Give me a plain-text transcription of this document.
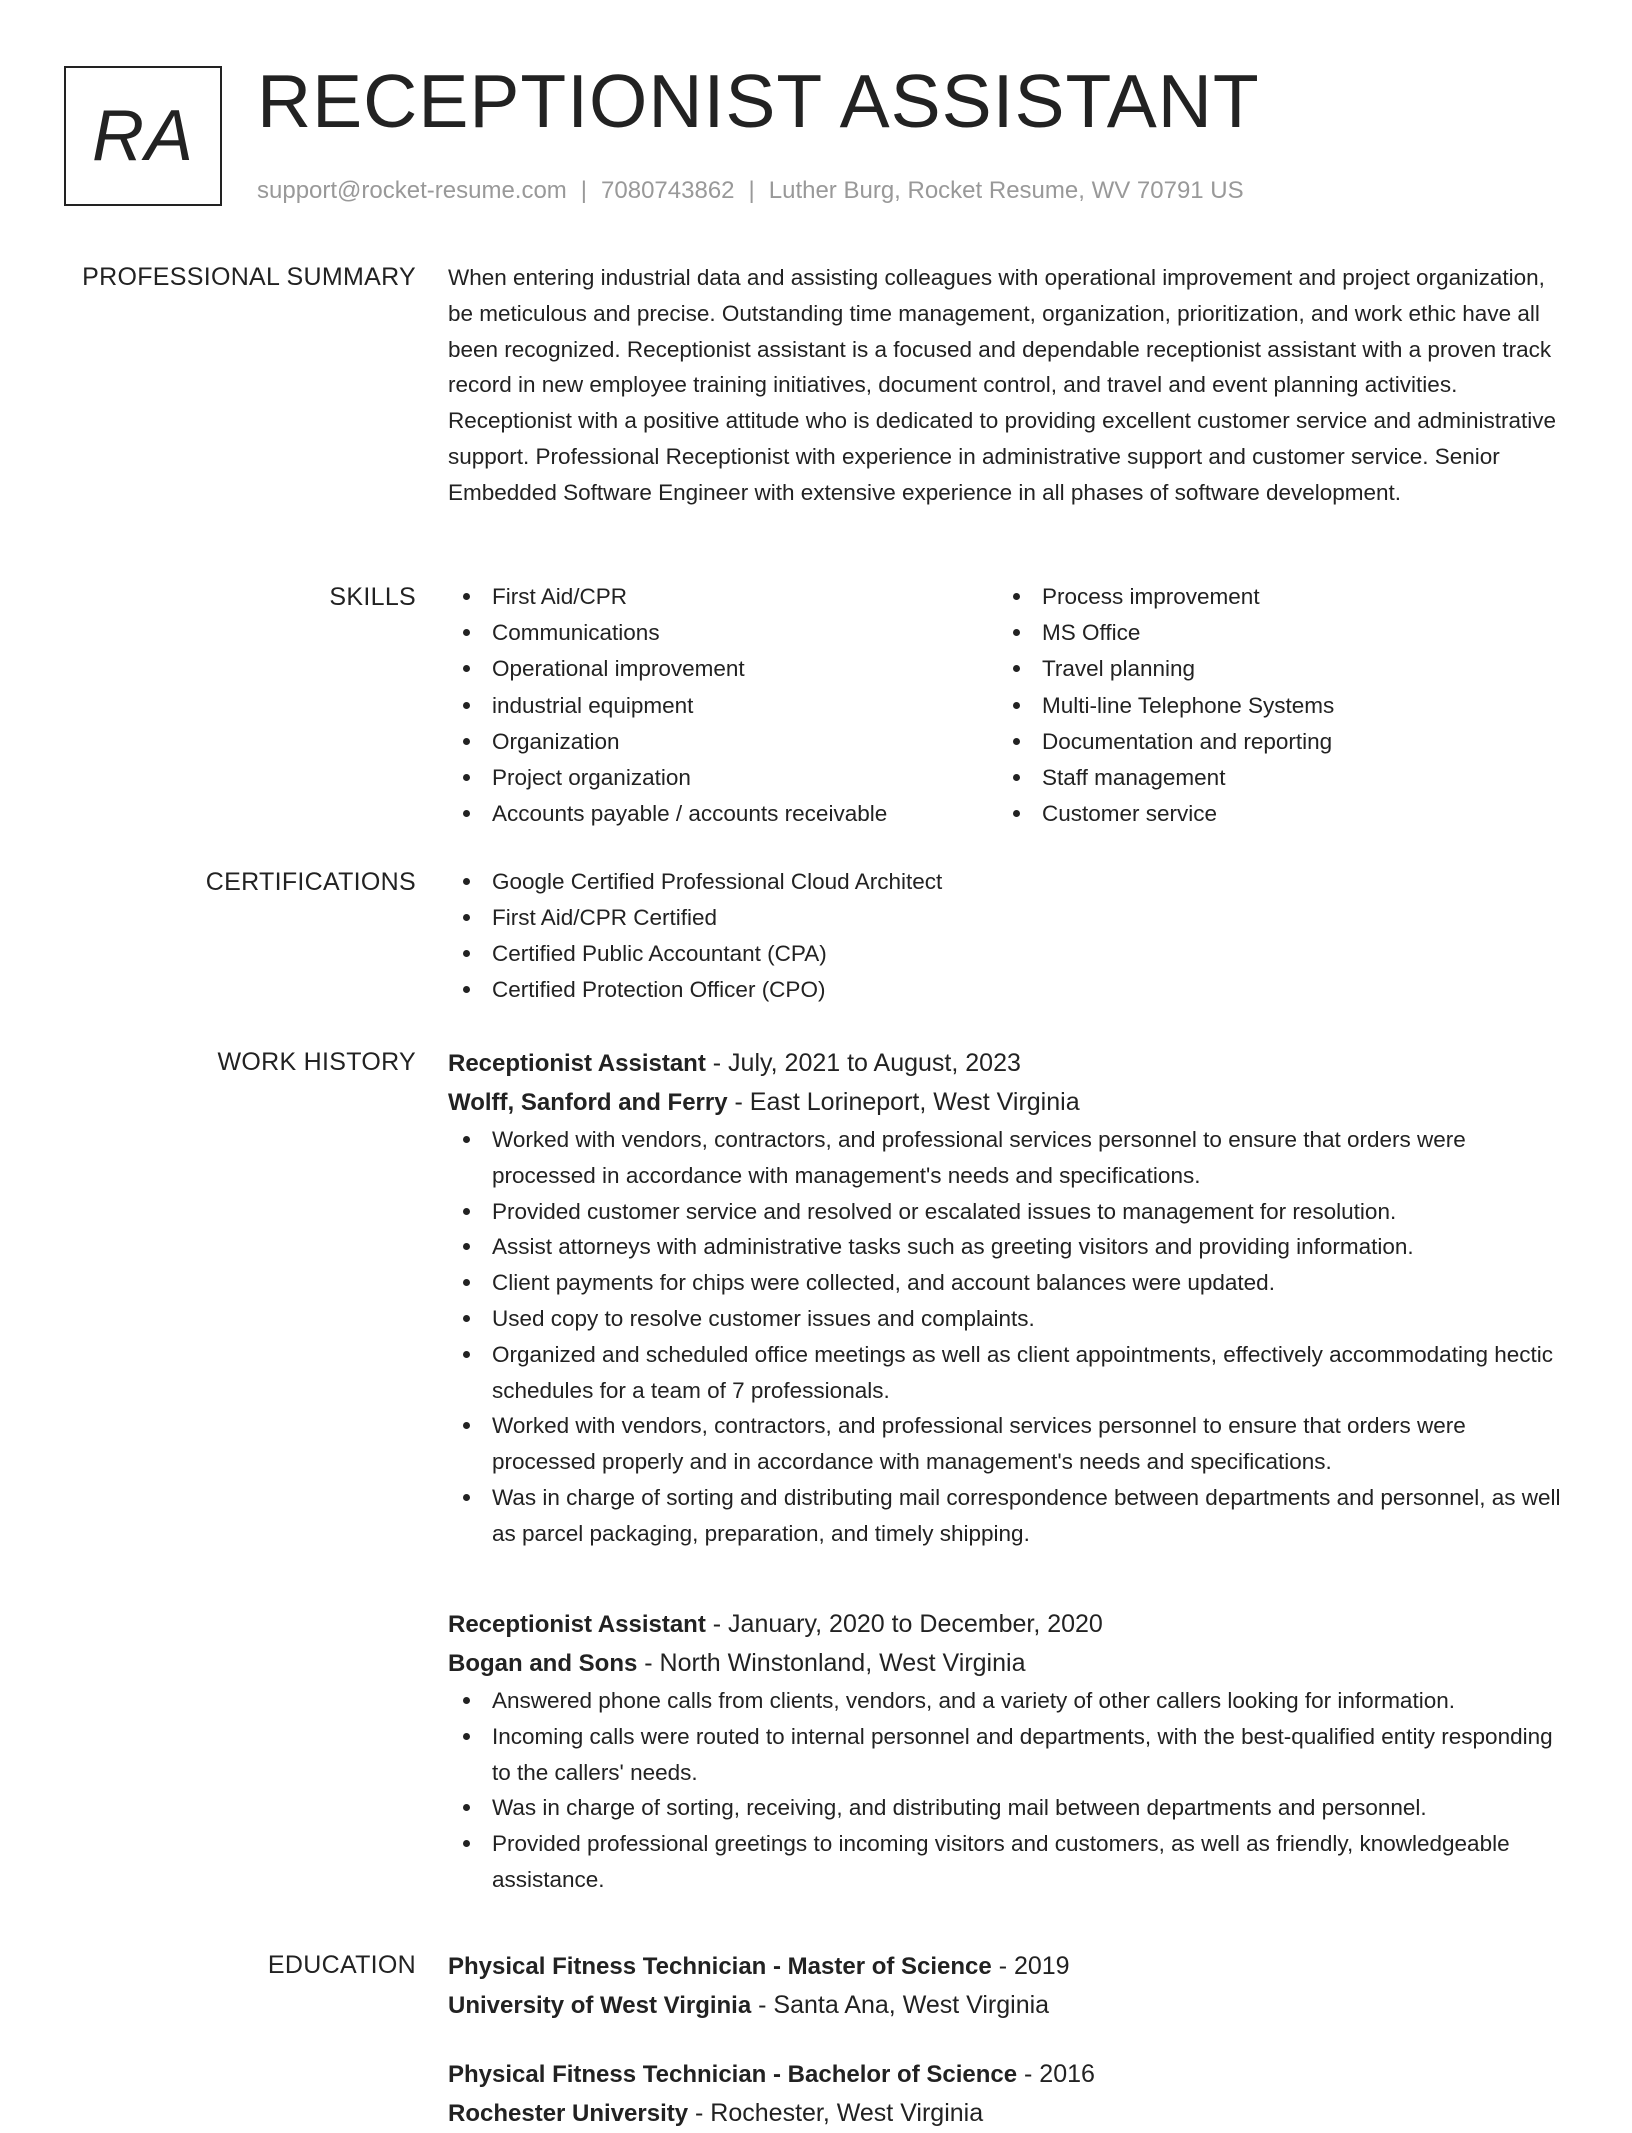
RA RECEPTIONIST ASSISTANT
support@rocket-resume.com | 7080743862 | Luther Burg, Rocket Resume, WV 70791 US
PROFESSIONAL SUMMARY When entering industrial data and assisting colleagues with operational improvement and project organization, be meticulous and precise. Outstanding time management, organization, prioritization, and work ethic have all been recognized. Receptionist assistant is a focused and dependable receptionist assistant with a proven track record in new employee training initiatives, document control, and travel and event planning activities. Receptionist with a positive attitude who is dedicated to providing excellent customer service and administrative support. Professional Receptionist with experience in administrative support and customer service. Senior Embedded Software Engineer with extensive experience in all phases of software development.

SKILLS	First Aid/CPR
Communications
Operational improvement
industrial equipment
Organization
Project organization
Accounts payable / accounts receivable
Process improvement
MS Office
Travel planning
Multi-line Telephone Systems
Documentation and reporting
Staff management
Customer service
CERTIFICATIONS	Google Certified Professional Cloud Architect
First Aid/CPR Certified
Certified Public Accountant (CPA)
Certified Protection Officer (CPO)
WORK HISTORY Receptionist Assistant - July, 2021 to August, 2023
Wolff, Sanford and Ferry - East Lorineport, West Virginia
Worked with vendors, contractors, and professional services personnel to ensure that orders were processed in accordance with management's needs and specifications.
Provided customer service and resolved or escalated issues to management for resolution.
Assist attorneys with administrative tasks such as greeting visitors and providing information.
Client payments for chips were collected, and account balances were updated.
Used copy to resolve customer issues and complaints.
Organized and scheduled office meetings as well as client appointments, effectively accommodating hectic schedules for a team of 7 professionals.
Worked with vendors, contractors, and professional services personnel to ensure that orders were processed properly and in accordance with management's needs and specifications.
Was in charge of sorting and distributing mail correspondence between departments and personnel, as well as parcel packaging, preparation, and timely shipping.
Receptionist Assistant - January, 2020 to December, 2020
Bogan and Sons - North Winstonland, West Virginia
Answered phone calls from clients, vendors, and a variety of other callers looking for information.
Incoming calls were routed to internal personnel and departments, with the best-qualified entity responding to the callers' needs.
Was in charge of sorting, receiving, and distributing mail between departments and personnel.
Provided professional greetings to incoming visitors and customers, as well as friendly, knowledgeable assistance.
EDUCATION Physical Fitness Technician - Master of Science - 2019
University of West Virginia - Santa Ana, West Virginia
Physical Fitness Technician - Bachelor of Science - 2016
Rochester University - Rochester, West Virginia
